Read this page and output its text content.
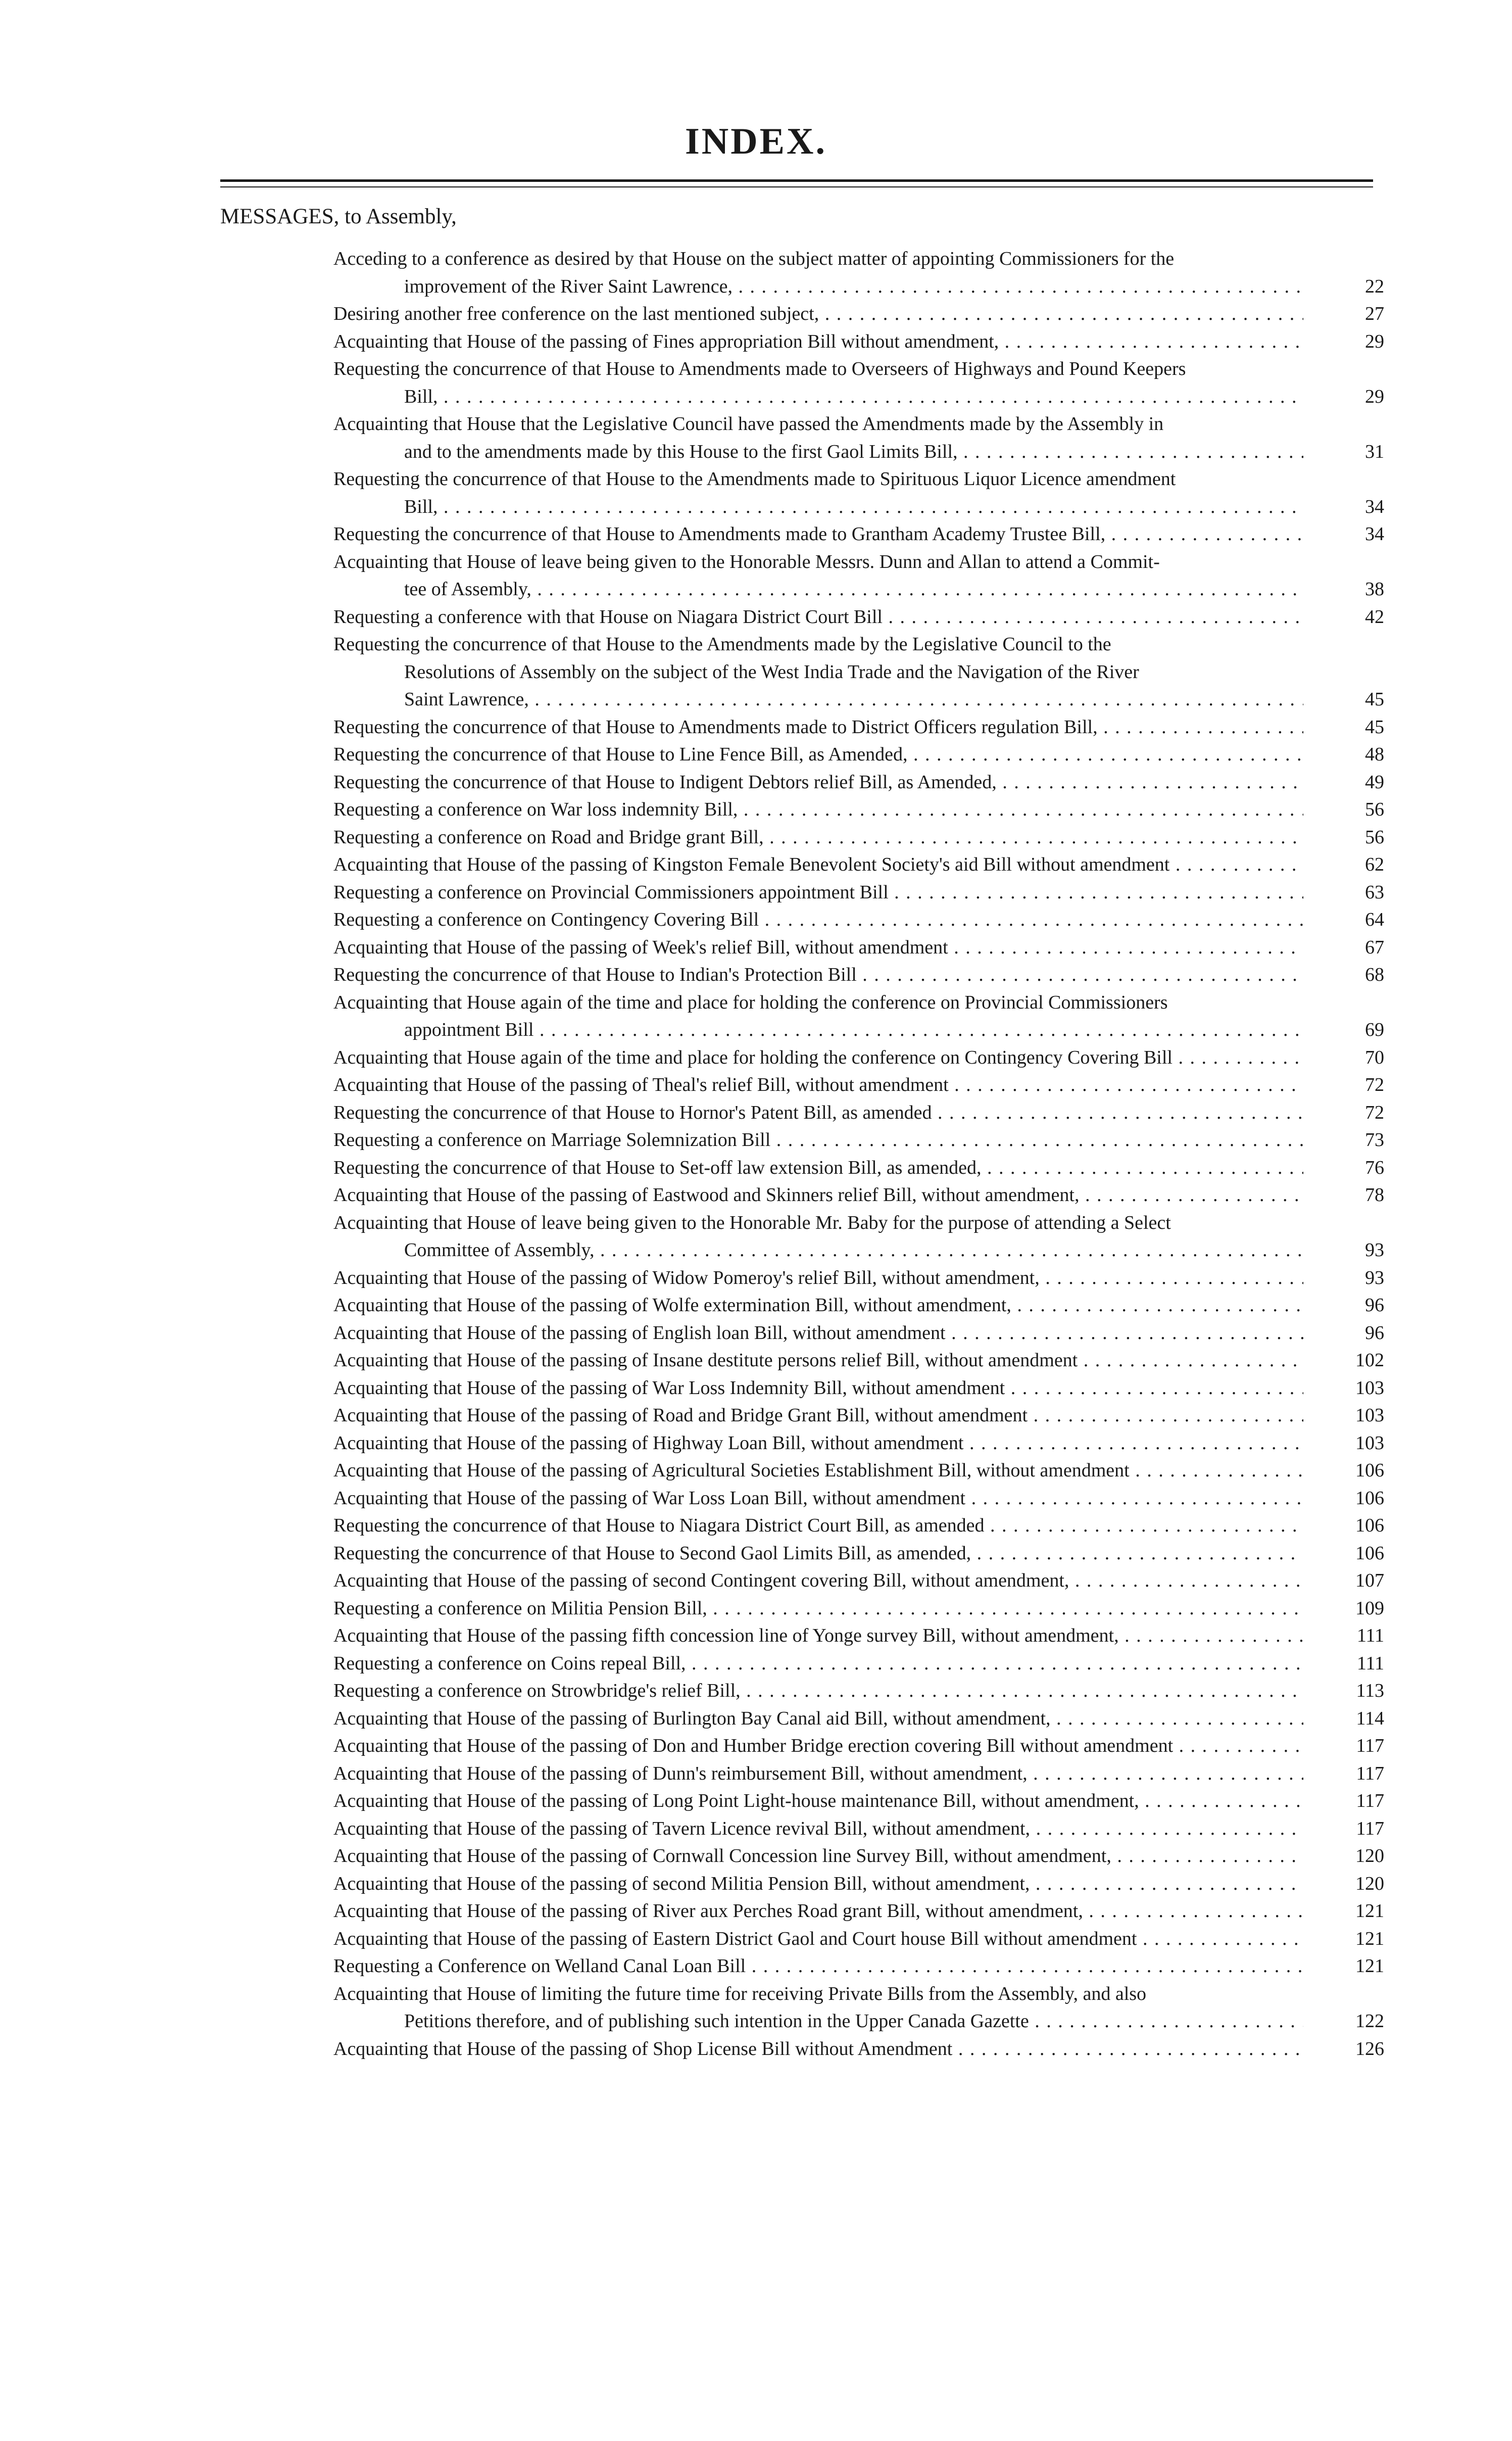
INDEX.
MESSAGES, to Assembly,
Acceding to a conference as desired by that House on the subject matter of appointing Commissioners for the
improvement of the River Saint Lawrence, . . .	22
Desiring another free conference on the last mentioned subject, . . .	27
Acquainting that House of the passing of Fines appropriation Bill without amendment, . . .	29
Requesting the concurrence of that House to Amendments made to Overseers of Highways and Pound Keepers
Bill, . . .	29
Acquainting that House that the Legislative Council have passed the Amendments made by the Assembly in
and to the amendments made by this House to the first Gaol Limits Bill, . . .	31
Requesting the concurrence of that House to the Amendments made to Spirituous Liquor Licence amendment
Bill, . . .	34
Requesting the concurrence of that House to Amendments made to Grantham Academy Trustee Bill, . . .	34
Acquainting that House of leave being given to the Honorable Messrs. Dunn and Allan to attend a Commit-
tee of Assembly, . . .	38
Requesting a conference with that House on Niagara District Court Bill . . .	42
Requesting the concurrence of that House to the Amendments made by the Legislative Council to the
Resolutions of Assembly on the subject of the West India Trade and the Navigation of the River
Saint Lawrence, . . .	45
Requesting the concurrence of that House to Amendments made to District Officers regulation Bill, . . .	45
Requesting the concurrence of that House to Line Fence Bill, as Amended, . . .	48
Requesting the concurrence of that House to Indigent Debtors relief Bill, as Amended, . . .	49
Requesting a conference on War loss indemnity Bill, . . .	56
Requesting a conference on Road and Bridge grant Bill, . . .	56
Acquainting that House of the passing of Kingston Female Benevolent Society's aid Bill without amendment . . .	62
Requesting a conference on Provincial Commissioners appointment Bill . . .	63
Requesting a conference on Contingency Covering Bill . . .	64
Acquainting that House of the passing of Week's relief Bill, without amendment . . .	67
Requesting the concurrence of that House to Indian's Protection Bill . . .	68
Acquainting that House again of the time and place for holding the conference on Provincial Commissioners
appointment Bill . . .	69
Acquainting that House again of the time and place for holding the conference on Contingency Covering Bill . . .	70
Acquainting that House of the passing of Theal's relief Bill, without amendment . . .	72
Requesting the concurrence of that House to Hornor's Patent Bill, as amended . . .	72
Requesting a conference on Marriage Solemnization Bill . . .	73
Requesting the concurrence of that House to Set-off law extension Bill, as amended, . . .	76
Acquainting that House of the passing of Eastwood and Skinners relief Bill, without amendment, . . .	78
Acquainting that House of leave being given to the Honorable Mr. Baby for the purpose of attending a Select
Committee of Assembly, . . .	93
Acquainting that House of the passing of Widow Pomeroy's relief Bill, without amendment, . . .	93
Acquainting that House of the passing of Wolfe extermination Bill, without amendment, . . .	96
Acquainting that House of the passing of English loan Bill, without amendment . . .	96
Acquainting that House of the passing of Insane destitute persons relief Bill, without amendment . . .	102
Acquainting that House of the passing of War Loss Indemnity Bill, without amendment . . .	103
Acquainting that House of the passing of Road and Bridge Grant Bill, without amendment . . .	103
Acquainting that House of the passing of Highway Loan Bill, without amendment . . .	103
Acquainting that House of the passing of Agricultural Societies Establishment Bill, without amendment . . .	106
Acquainting that House of the passing of War Loss Loan Bill, without amendment . . .	106
Requesting the concurrence of that House to Niagara District Court Bill, as amended . . .	106
Requesting the concurrence of that House to Second Gaol Limits Bill, as amended, . . .	106
Acquainting that House of the passing of second Contingent covering Bill, without amendment, . . .	107
Requesting a conference on Militia Pension Bill, . . .	109
Acquainting that House of the passing fifth concession line of Yonge survey Bill, without amendment, . . .	111
Requesting a conference on Coins repeal Bill, . . .	111
Requesting a conference on Strowbridge's relief Bill, . . .	113
Acquainting that House of the passing of Burlington Bay Canal aid Bill, without amendment, . . .	114
Acquainting that House of the passing of Don and Humber Bridge erection covering Bill without amendment . . .	117
Acquainting that House of the passing of Dunn's reimbursement Bill, without amendment, . . .	117
Acquainting that House of the passing of Long Point Light-house maintenance Bill, without amendment, . . .	117
Acquainting that House of the passing of Tavern Licence revival Bill, without amendment, . . .	117
Acquainting that House of the passing of Cornwall Concession line Survey Bill, without amendment, . . .	120
Acquainting that House of the passing of second Militia Pension Bill, without amendment, . . .	120
Acquainting that House of the passing of River aux Perches Road grant Bill, without amendment, . . .	121
Acquainting that House of the passing of Eastern District Gaol and Court house Bill without amendment . . .	121
Requesting a Conference on Welland Canal Loan Bill . . .	121
Acquainting that House of limiting the future time for receiving Private Bills from the Assembly, and also
Petitions therefore, and of publishing such intention in the Upper Canada Gazette . . .	122
Acquainting that House of the passing of Shop License Bill without Amendment . . .	126
